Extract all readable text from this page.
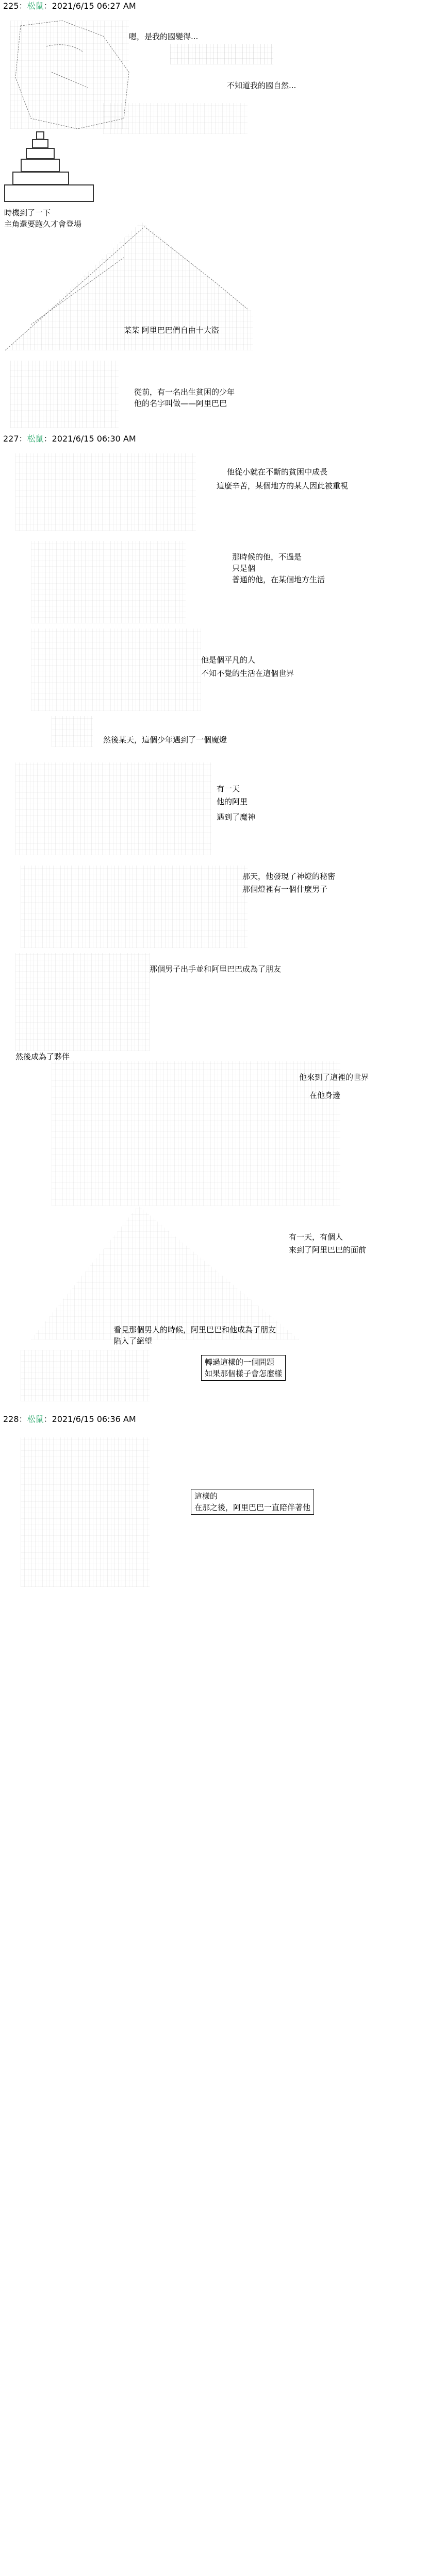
225：松鼠：2021/6/15 06:27 AM
嗯，是我的國變得...
不知道我的國自然...
時機到了一下
主角還要跑久才會登場
某某 阿里巴巴們自由十大盜
從前，有一名出生貧困的少年
他的名字叫做——阿里巴巴
227：松鼠：2021/6/15 06:30 AM
他從小就在不斷的貧困中成長
這麼辛苦，某個地方的某人因此被重視
那時候的他，不過是
只是個
普通的他，在某個地方生活
他是個平凡的人
不知不覺的生活在這個世界
然後某天，這個少年遇到了一個魔燈
有一天
他的阿里
遇到了魔神
那天，他發現了神燈的秘密
那個燈裡有一個什麼男子
那個男子出手並和阿里巴巴成為了朋友
然後成為了夥伴
他來到了這裡的世界
在他身邊
有一天，有個人
來到了阿里巴巴的面前
看見那個男人的時候，阿里巴巴和他成為了朋友
陷入了絕望
轉過這樣的一個問題
如果那個樣子會怎麼樣
228：松鼠：2021/6/15 06:36 AM
這樣的
在那之後，阿里巴巴一直陪伴著他
